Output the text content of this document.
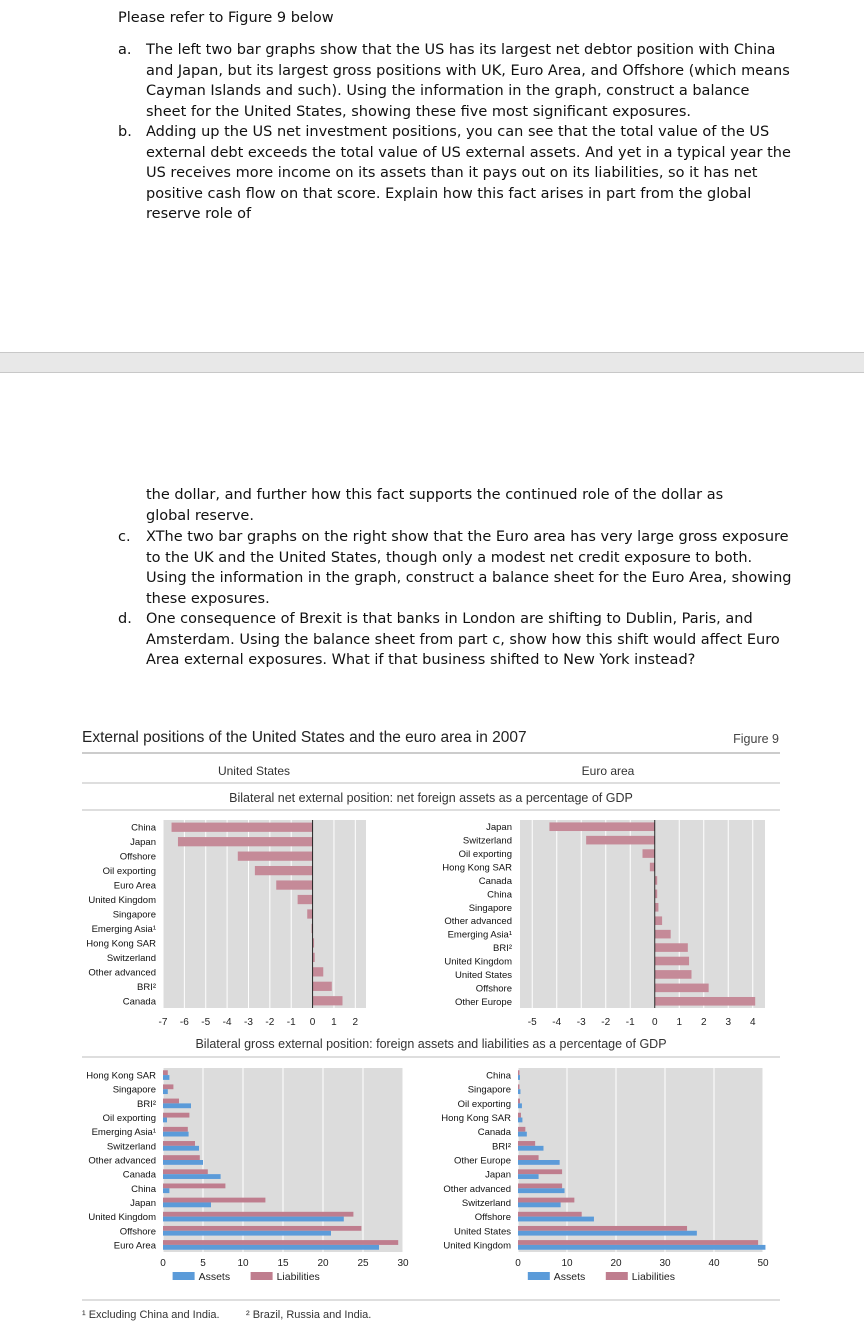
Please refer to Figure 9 below
a. The left two bar graphs show that the US has its largest net debtor position with China and Japan, but its largest gross positions with UK, Euro Area, and Offshore (which means Cayman Islands and such). Using the information in the graph, construct a balance sheet for the United States, showing these five most significant exposures.
b. Adding up the US net investment positions, you can see that the total value of the US external debt exceeds the total value of US external assets. And yet in a typical year the US receives more income on its assets than it pays out on its liabilities, so it has net positive cash flow on that score. Explain how this fact arises in part from the global reserve role of
the dollar, and further how this fact supports the continued role of the dollar as global reserve.
c. XThe two bar graphs on the right show that the Euro area has very large gross exposure to the UK and the United States, though only a modest net credit exposure to both. Using the information in the graph, construct a balance sheet for the Euro Area, showing these exposures.
d. One consequence of Brexit is that banks in London are shifting to Dublin, Paris, and Amsterdam. Using the balance sheet from part c, show how this shift would affect Euro Area external exposures. What if that business shifted to New York instead?
External positions of the United States and the euro area in 2007	Figure 9
United States	Euro area
Bilateral net external position: net foreign assets as a percentage of GDP
Bilateral gross external position: foreign assets and liabilities as a percentage of GDP
-7 -6 -5 -4 -3 -2 -1 0 1 2
China
Japan
Offshore
Oil exporting
Euro Area
United Kingdom
Singapore
Emerging Asia¹
Hong Kong SAR
Switzerland
Other advanced
BRI²
Canada
-5 -4 -3 -2 -1 0 1 2 3 4
Japan
Switzerland
Oil exporting
Hong Kong SAR
Canada
China
Singapore
Other advanced
Emerging Asia¹
BRI²
United Kingdom
United States
Offshore
Other Europe
0	5	10	15	20	25	30
Hong Kong SAR
Singapore
BRI²
Oil exporting
Emerging Asia¹
Switzerland
Other advanced
Canada
China
Japan
United Kingdom
Offshore
Euro Area
Assets	Liabilities
0	10	20	30	40	50
China
Singapore
Oil exporting
Hong Kong SAR
Canada
BRI²
Other Europe
Japan
Other advanced
Switzerland
Offshore
United States
United Kingdom
Assets	Liabilities
¹ Excluding China and India. ² Brazil, Russia and India.
